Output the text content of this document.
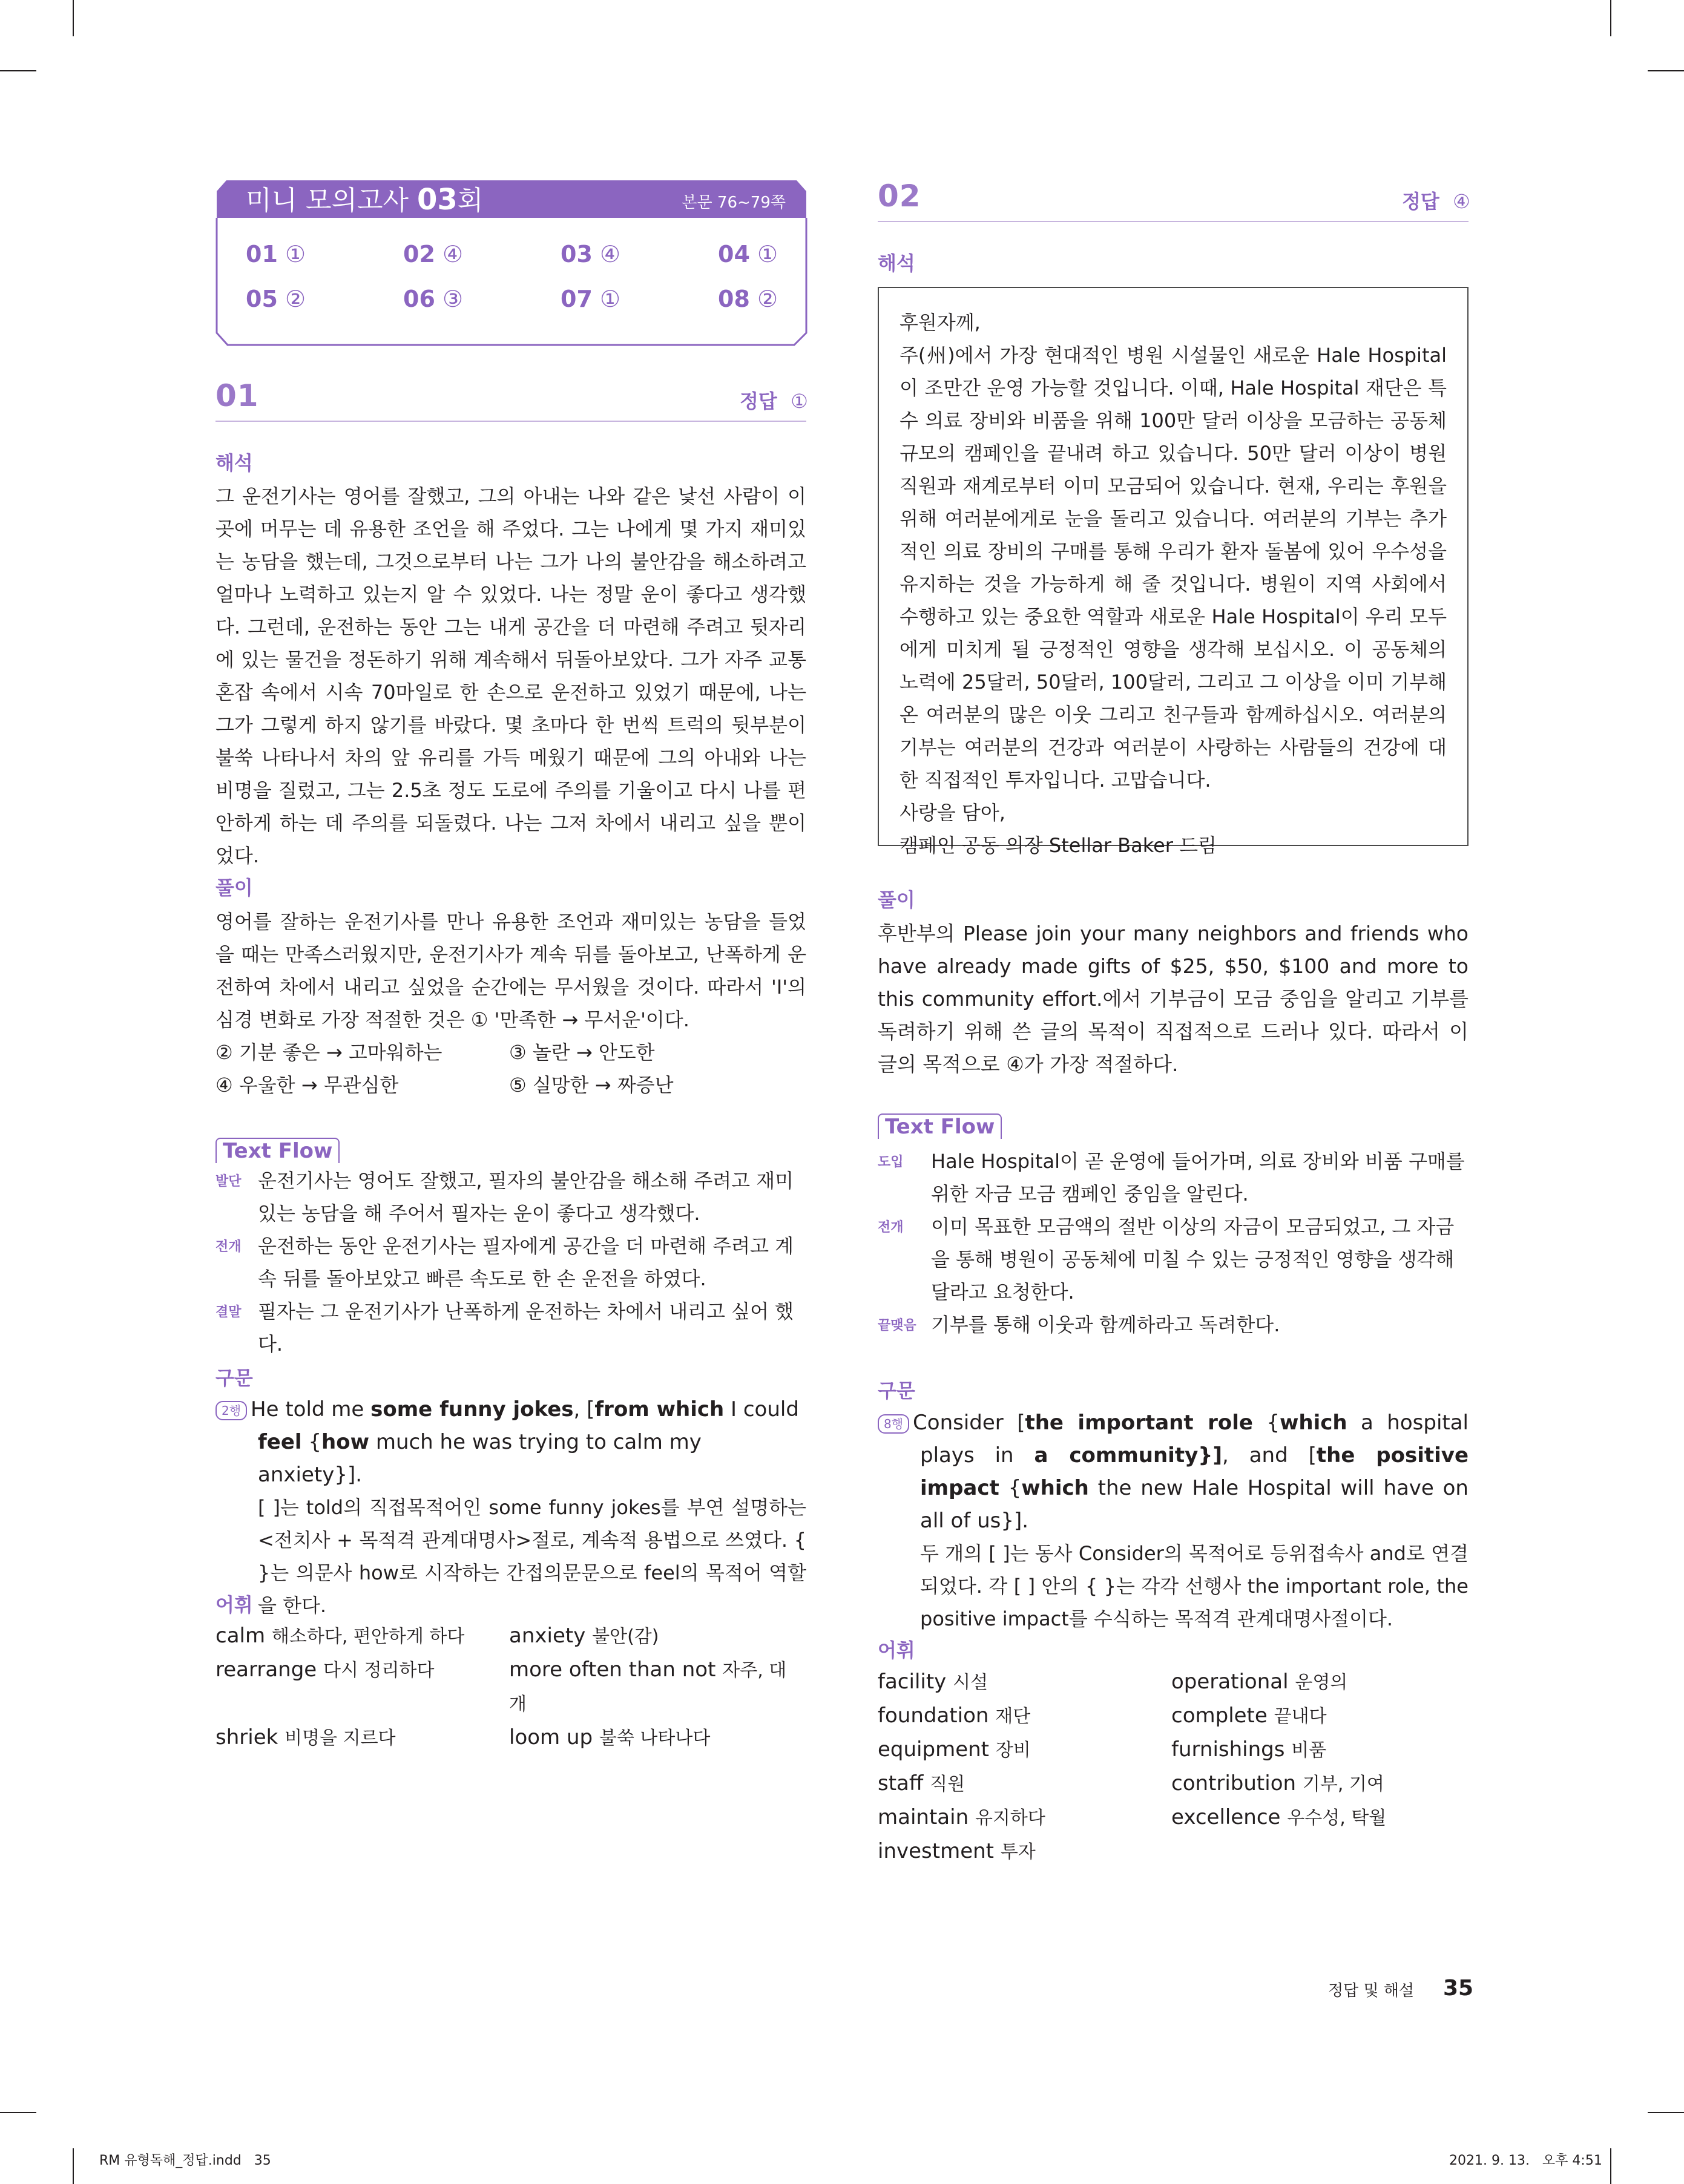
미니 모의고사 03회	본문 76~79쪽
01 ①	02 ④	03 ④	04 ①
05 ②	06 ③	07 ①	08 ②
01	정답 ①
해석
그 운전기사는 영어를 잘했고, 그의 아내는 나와 같은 낯선 사람이 이곳에 머무는 데 유용한 조언을 해 주었다. 그는 나에게 몇 가지 재미있는 농담을 했는데, 그것으로부터 나는 그가 나의 불안감을 해소하려고 얼마나 노력하고 있는지 알 수 있었다. 나는 정말 운이 좋다고 생각했다. 그런데, 운전하는 동안 그는 내게 공간을 더 마련해 주려고 뒷자리에 있는 물건을 정돈하기 위해 계속해서 뒤돌아보았다. 그가 자주 교통 혼잡 속에서 시속 70마일로 한 손으로 운전하고 있었기 때문에, 나는 그가 그렇게 하지 않기를 바랐다. 몇 초마다 한 번씩 트럭의 뒷부분이 불쑥 나타나서 차의 앞 유리를 가득 메웠기 때문에 그의 아내와 나는 비명을 질렀고, 그는 2.5초 정도 도로에 주의를 기울이고 다시 나를 편안하게 하는 데 주의를 되돌렸다. 나는 그저 차에서 내리고 싶을 뿐이었다.
풀이
영어를 잘하는 운전기사를 만나 유용한 조언과 재미있는 농담을 들었을 때는 만족스러웠지만, 운전기사가 계속 뒤를 돌아보고, 난폭하게 운전하여 차에서 내리고 싶었을 순간에는 무서웠을 것이다. 따라서 'I'의 심경 변화로 가장 적절한 것은 ① '만족한 → 무서운'이다.
② 기분 좋은 → 고마워하는	③ 놀란 → 안도한
④ 우울한 → 무관심한	⑤ 실망한 → 짜증난
Text Flow
발단 운전기사는 영어도 잘했고, 필자의 불안감을 해소해 주려고 재미있는 농담을 해 주어서 필자는 운이 좋다고 생각했다.
전개 운전하는 동안 운전기사는 필자에게 공간을 더 마련해 주려고 계속 뒤를 돌아보았고 빠른 속도로 한 손 운전을 하였다.
결말 필자는 그 운전기사가 난폭하게 운전하는 차에서 내리고 싶어 했다.
구문
2행 He told me some funny jokes, [from which I could feel {how much he was trying to calm my anxiety}].
[ ]는 told의 직접목적어인 some funny jokes를 부연 설명하는 <전치사 + 목적격 관계대명사>절로, 계속적 용법으로 쓰였다. { }는 의문사 how로 시작하는 간접의문문으로 feel의 목적어 역할을 한다.
어휘
calm 해소하다, 편안하게 하다	anxiety 불안(감)
rearrange 다시 정리하다	more often than not 자주, 대개
shriek 비명을 지르다	loom up 불쑥 나타나다
02	정답 ④
해석

후원자께,

주(州)에서 가장 현대적인 병원 시설물인 새로운 Hale Hospital이 조만간 운영 가능할 것입니다. 이때, Hale Hospital 재단은 특수 의료 장비와 비품을 위해 100만 달러 이상을 모금하는 공동체 규모의 캠페인을 끝내려 하고 있습니다. 50만 달러 이상이 병원 직원과 재계로부터 이미 모금되어 있습니다. 현재, 우리는 후원을 위해 여러분에게로 눈을 돌리고 있습니다. 여러분의 기부는 추가적인 의료 장비의 구매를 통해 우리가 환자 돌봄에 있어 우수성을 유지하는 것을 가능하게 해 줄 것입니다. 병원이 지역 사회에서 수행하고 있는 중요한 역할과 새로운 Hale Hospital이 우리 모두에게 미치게 될 긍정적인 영향을 생각해 보십시오. 이 공동체의 노력에 25달러, 50달러, 100달러, 그리고 그 이상을 이미 기부해 온 여러분의 많은 이웃 그리고 친구들과 함께하십시오. 여러분의 기부는 여러분의 건강과 여러분이 사랑하는 사람들의 건강에 대한 직접적인 투자입니다. 고맙습니다.

사랑을 담아,

캠페인 공동 의장 Stellar Baker 드림

풀이
후반부의 Please join your many neighbors and friends who have already made gifts of $25, $50, $100 and more to this community effort.에서 기부금이 모금 중임을 알리고 기부를 독려하기 위해 쓴 글의 목적이 직접적으로 드러나 있다. 따라서 이 글의 목적으로 ④가 가장 적절하다.
Text Flow
도입 Hale Hospital이 곧 운영에 들어가며, 의료 장비와 비품 구매를 위한 자금 모금 캠페인 중임을 알린다.
전개 이미 목표한 모금액의 절반 이상의 자금이 모금되었고, 그 자금을 통해 병원이 공동체에 미칠 수 있는 긍정적인 영향을 생각해 달라고 요청한다.
끝맺음 기부를 통해 이웃과 함께하라고 독려한다.
구문
8행 Consider [the important role {which a hospital plays in a community}], and [the positive impact {which the new Hale Hospital will have on all of us}].
두 개의 [ ]는 동사 Consider의 목적어로 등위접속사 and로 연결되었다. 각 [ ] 안의 { }는 각각 선행사 the important role, the positive impact를 수식하는 목적격 관계대명사절이다.
어휘
facility 시설	operational 운영의
foundation 재단	complete 끝내다
equipment 장비	furnishings 비품
staff 직원	contribution 기부, 기여
maintain 유지하다	excellence 우수성, 탁월
investment 투자
정답 및 해설 35
RM 유형독해_정답.indd   35	2021. 9. 13.   오후 4:51
